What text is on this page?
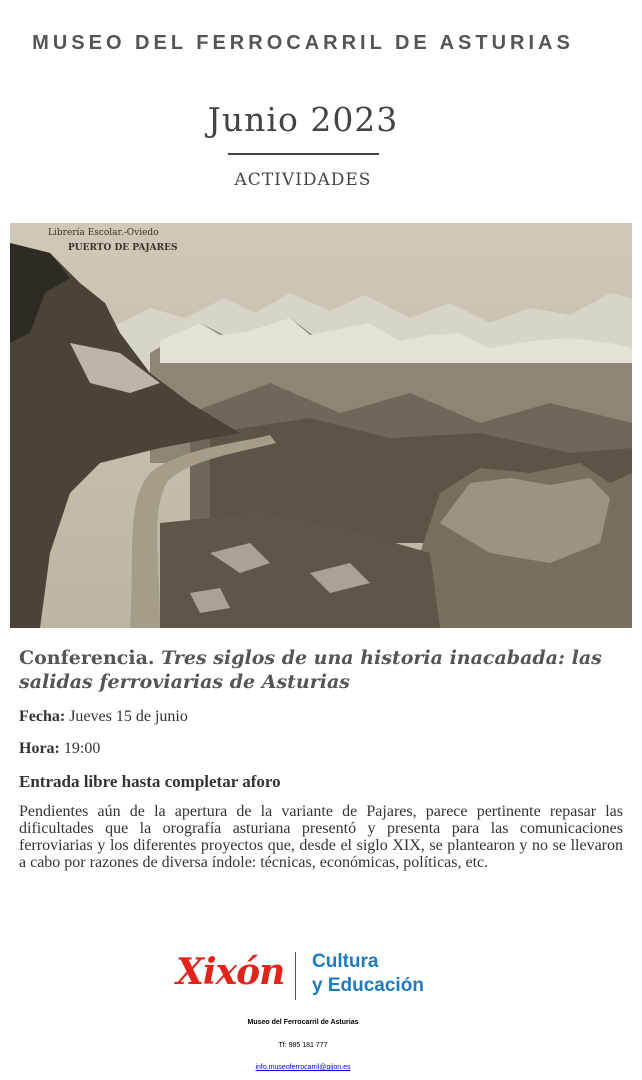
MUSEO DEL FERROCARRIL DE ASTURIAS
Junio 2023
ACTIVIDADES
Librería Escolar.-Oviedo
PUERTO DE PAJARES
Conferencia. Tres siglos de una historia inacabada: las salidas ferroviarias de Asturias
Fecha: Jueves 15 de junio
Hora: 19:00
Entrada libre hasta completar aforo

Pendientes aún de la apertura de la variante de Pajares, parece pertinente repasar las dificultades que la orografía asturiana presentó y presenta para las comunicaciones ferroviarias y los diferentes proyectos que, desde el siglo XIX, se plantearon y no se llevaron a cabo por razones de diversa índole: técnicas, económicas, políticas, etc.

Xixón Cultura
y Educación
Museo del Ferrocarril de Asturias
Tf: 985 181 777
info.museoferrocarril@gijon.es
